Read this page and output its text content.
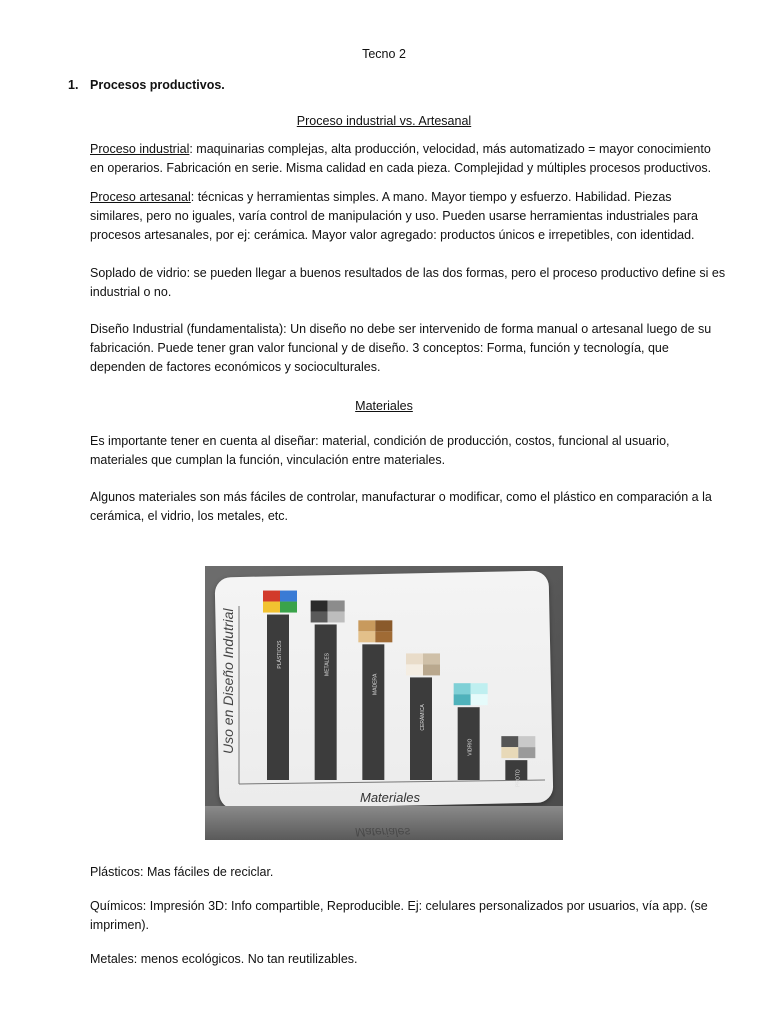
Tecno 2
1. Procesos productivos.
Proceso industrial vs. Artesanal

Proceso industrial: maquinarias complejas, alta producción, velocidad, más automatizado = mayor conocimiento en operarios. Fabricación en serie. Misma calidad en cada pieza. Complejidad y múltiples procesos productivos.

Proceso artesanal: técnicas y herramientas simples. A mano. Mayor tiempo y esfuerzo. Habilidad. Piezas similares, pero no iguales, varía control de manipulación y uso. Pueden usarse herramientas industriales para procesos artesanales, por ej: cerámica. Mayor valor agregado: productos únicos e irrepetibles, con identidad.

Soplado de vidrio: se pueden llegar a buenos resultados de las dos formas, pero el proceso productivo define si es industrial o no.

Diseño Industrial (fundamentalista): Un diseño no debe ser intervenido de forma manual o artesanal luego de su fabricación. Puede tener gran valor funcional y de diseño. 3 conceptos: Forma, función y tecnología, que dependen de factores económicos y socioculturales.

Materiales

Es importante tener en cuenta al diseñar: material, condición de producción, costos, funcional al usuario, materiales que cumplan la función, vinculación entre materiales.

Algunos materiales son más fáciles de controlar, manufacturar o modificar, como el plástico en comparación a la cerámica, el vidrio, los metales, etc.

Uso en Diseño Indutrial
Materiales
PLÁSTICOS	METALES
MADERA
CERÁMICA
VIDRIO
PROTO
Materiales

Plásticos: Mas fáciles de reciclar.

Químicos: Impresión 3D: Info compartible, Reproducible. Ej: celulares personalizados por usuarios, vía app. (se imprimen).

Metales: menos ecológicos. No tan reutilizables.
